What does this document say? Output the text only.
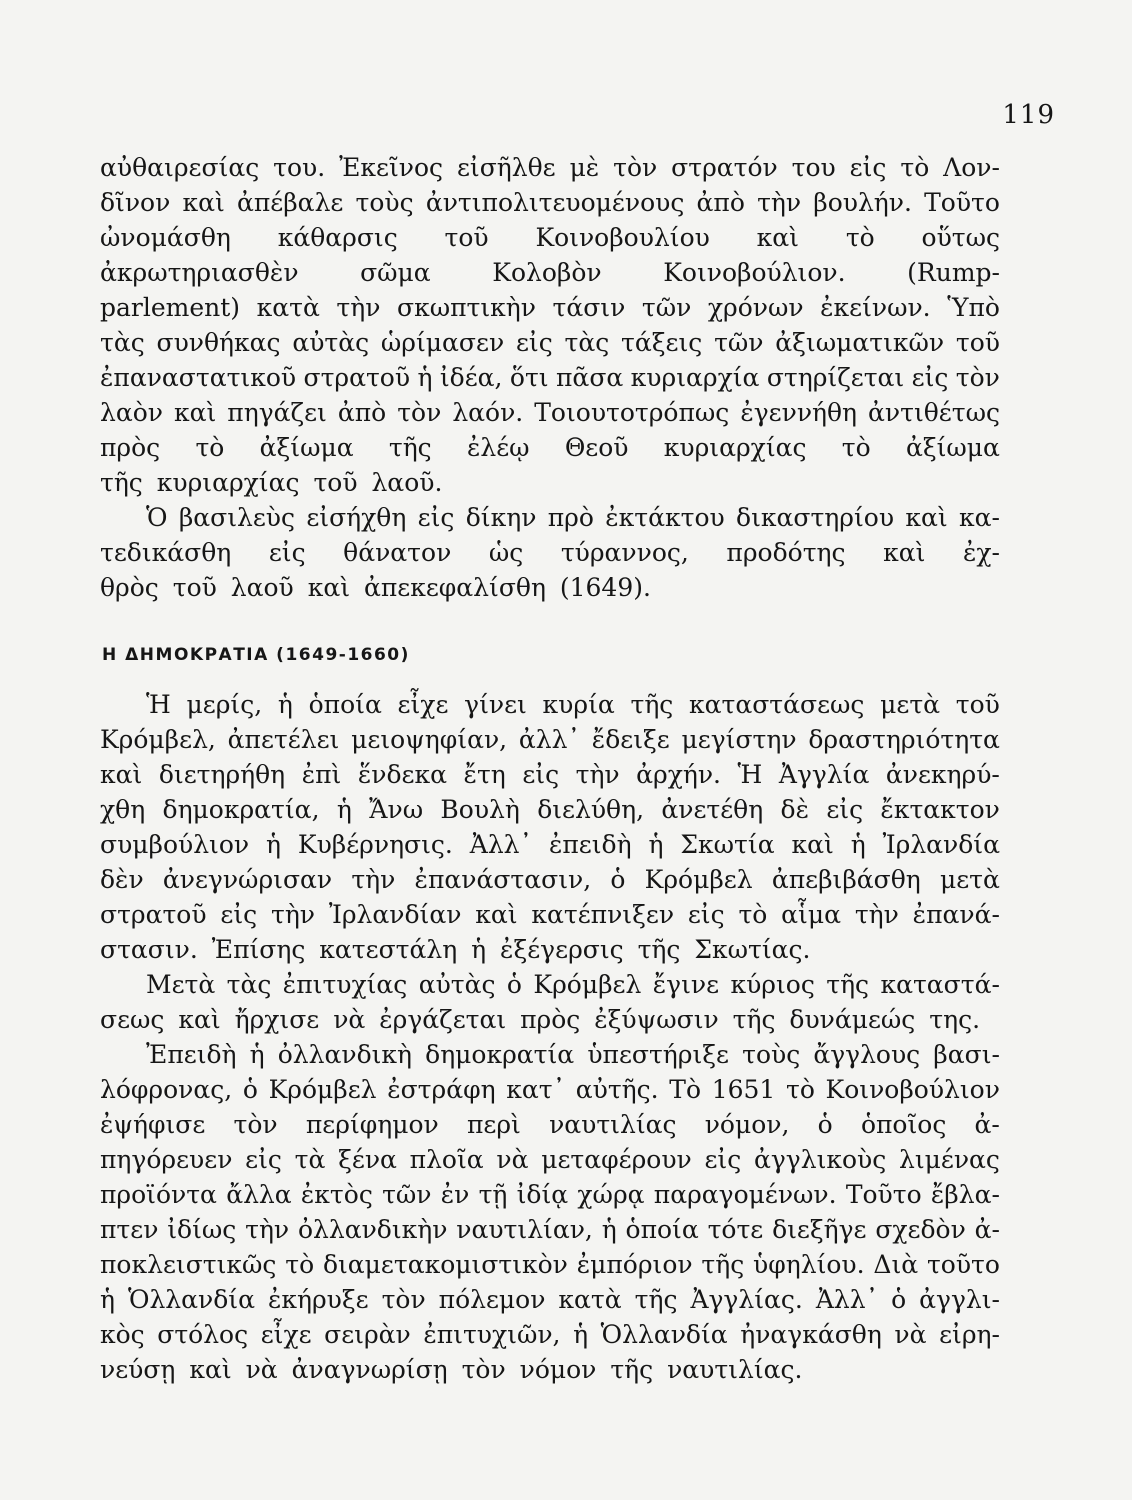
119
αὐθαιρεσίας του. Ἐκεῖνος εἰσῆλθε μὲ τὸν στρατόν του εἰς τὸ Λον-
δῖνον καὶ ἀπέβαλε τοὺς ἀντιπολιτευομένους ἀπὸ τὴν βουλήν. Τοῦτο
ὠνομάσθη κάθαρσις τοῦ Κοινοβουλίου καὶ τὸ οὕτως
ἀκρωτηριασθὲν σῶμα Κολοβὸν Κοινοβούλιον. (Rump-
parlement) κατὰ τὴν σκωπτικὴν τάσιν τῶν χρόνων ἐκείνων. Ὑπὸ
τὰς συνθήκας αὐτὰς ὡρίμασεν εἰς τὰς τάξεις τῶν ἀξιωματικῶν τοῦ
ἐπαναστατικοῦ στρατοῦ ἡ ἰδέα, ὅτι πᾶσα κυριαρχία στηρίζεται εἰς τὸν
λαὸν καὶ πηγάζει ἀπὸ τὸν λαόν. Τοιουτοτρόπως ἐγεννήθη ἀντιθέτως
πρὸς τὸ ἀξίωμα τῆς ἐλέῳ Θεοῦ κυριαρχίας τὸ ἀξίωμα
τῆς κυριαρχίας τοῦ λαοῦ.
Ὁ βασιλεὺς εἰσήχθη εἰς δίκην πρὸ ἐκτάκτου δικαστηρίου καὶ κα-
τεδικάσθη εἰς θάνατον ὡς τύραννος, προδότης καὶ ἐχ-
θρὸς τοῦ λαοῦ καὶ ἀπεκεφαλίσθη (1649).
Η ΔΗΜΟΚΡΑΤΙΑ (1649-1660)
Ἡ μερίς, ἡ ὁποία εἶχε γίνει κυρία τῆς καταστάσεως μετὰ τοῦ
Κρόμβελ, ἀπετέλει μειοψηφίαν, ἀλλ᾽ ἔδειξε μεγίστην δραστηριότητα
καὶ διετηρήθη ἐπὶ ἕνδεκα ἔτη εἰς τὴν ἀρχήν. Ἡ Ἀγγλία ἀνεκηρύ-
χθη δημοκρατία, ἡ Ἄνω Βουλὴ διελύθη, ἀνετέθη δὲ εἰς ἔκτακτον
συμβούλιον ἡ Κυβέρνησις. Ἀλλ᾽ ἐπειδὴ ἡ Σκωτία καὶ ἡ Ἰρλανδία
δὲν ἀνεγνώρισαν τὴν ἐπανάστασιν, ὁ Κρόμβελ ἀπεβιβάσθη μετὰ
στρατοῦ εἰς τὴν Ἰρλανδίαν καὶ κατέπνιξεν εἰς τὸ αἷμα τὴν ἐπανά-
στασιν. Ἐπίσης κατεστάλη ἡ ἐξέγερσις τῆς Σκωτίας.
Μετὰ τὰς ἐπιτυχίας αὐτὰς ὁ Κρόμβελ ἔγινε κύριος τῆς καταστά-
σεως καὶ ἤρχισε νὰ ἐργάζεται πρὸς ἐξύψωσιν τῆς δυνάμεώς της.
Ἐπειδὴ ἡ ὀλλανδικὴ δημοκρατία ὑπεστήριξε τοὺς ἄγγλους βασι-
λόφρονας, ὁ Κρόμβελ ἐστράφη κατ᾽ αὐτῆς. Τὸ 1651 τὸ Κοινοβούλιον
ἐψήφισε τὸν περίφημον περὶ ναυτιλίας νόμον, ὁ ὁποῖος ἀ-
πηγόρευεν εἰς τὰ ξένα πλοῖα νὰ μεταφέρουν εἰς ἀγγλικοὺς λιμένας
προϊόντα ἄλλα ἐκτὸς τῶν ἐν τῇ ἰδίᾳ χώρᾳ παραγομένων. Τοῦτο ἔβλα-
πτεν ἰδίως τὴν ὀλλανδικὴν ναυτιλίαν, ἡ ὁποία τότε διεξῆγε σχεδὸν ἀ-
ποκλειστικῶς τὸ διαμετακομιστικὸν ἐμπόριον τῆς ὑφηλίου. Διὰ τοῦτο
ἡ Ὁλλανδία ἐκήρυξε τὸν πόλεμον κατὰ τῆς Ἀγγλίας. Ἀλλ᾽ ὁ ἀγγλι-
κὸς στόλος εἶχε σειρὰν ἐπιτυχιῶν, ἡ Ὁλλανδία ἠναγκάσθη νὰ εἰρη-
νεύσῃ καὶ νὰ ἀναγνωρίσῃ τὸν νόμον τῆς ναυτιλίας.
